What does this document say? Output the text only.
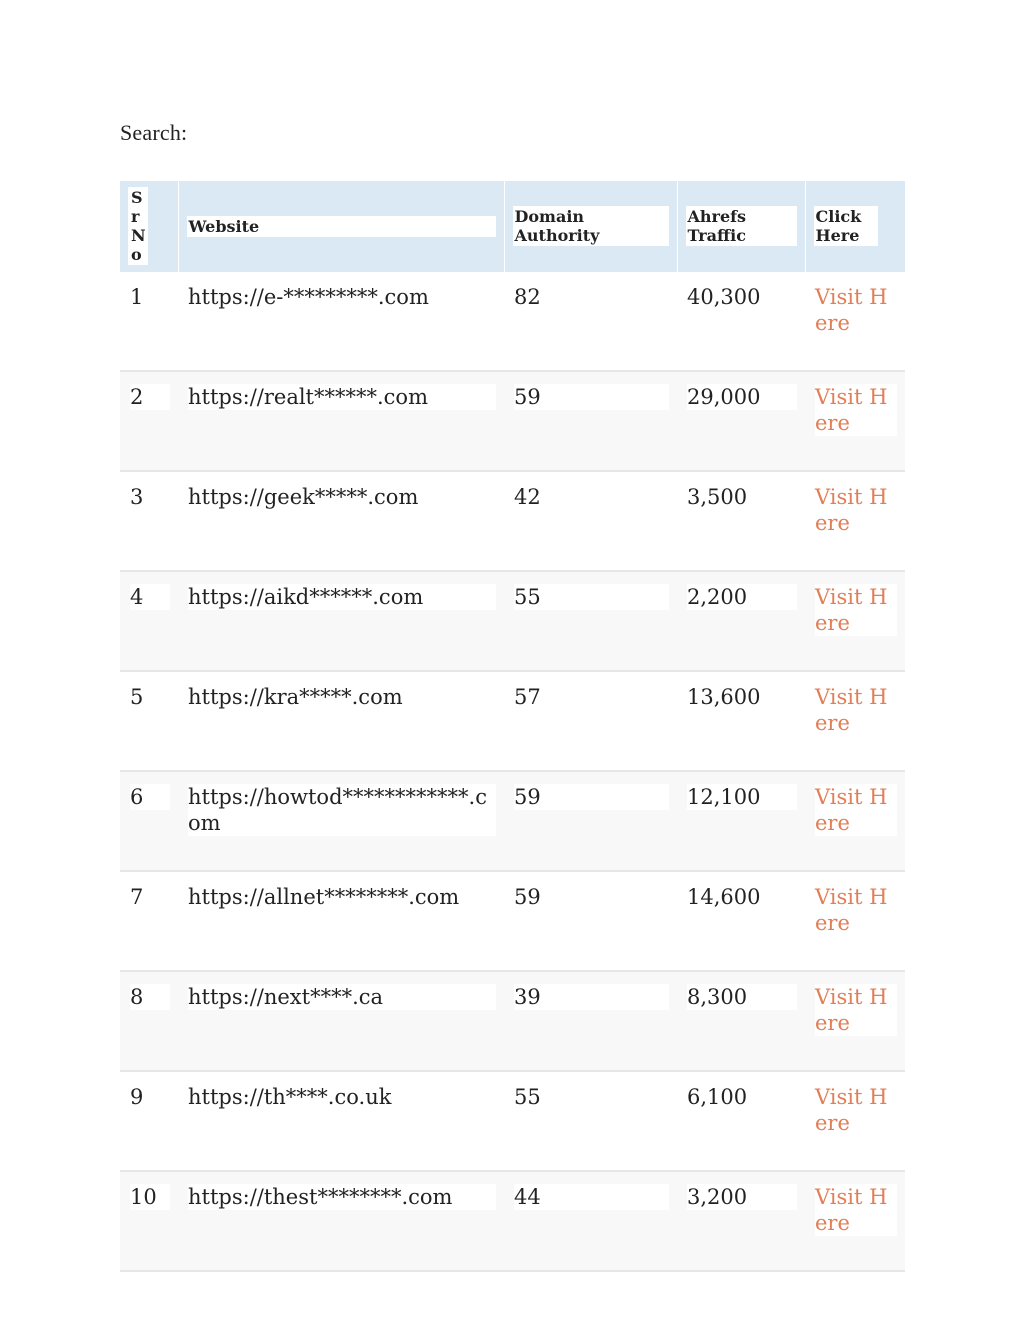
Search:
Sr No	Website	Domain Authority	Ahrefs Traffic	Click Here

1	https://e-*********.com	82	40,300	Visit Here

2	https://realt******.com	59	29,000	Visit Here

3	https://geek*****.com	42	3,500	Visit Here

4	https://aikd******.com	55	2,200	Visit Here

5	https://kra*****.com	57	13,600	Visit Here

6	https://howtod************.com	59	12,100	Visit Here

7	https://allnet********.com	59	14,600	Visit Here

8	https://next****.ca	39	8,300	Visit Here

9	https://th****.co.uk	55	6,100	Visit Here

10	https://thest********.com	44	3,200	Visit Here
